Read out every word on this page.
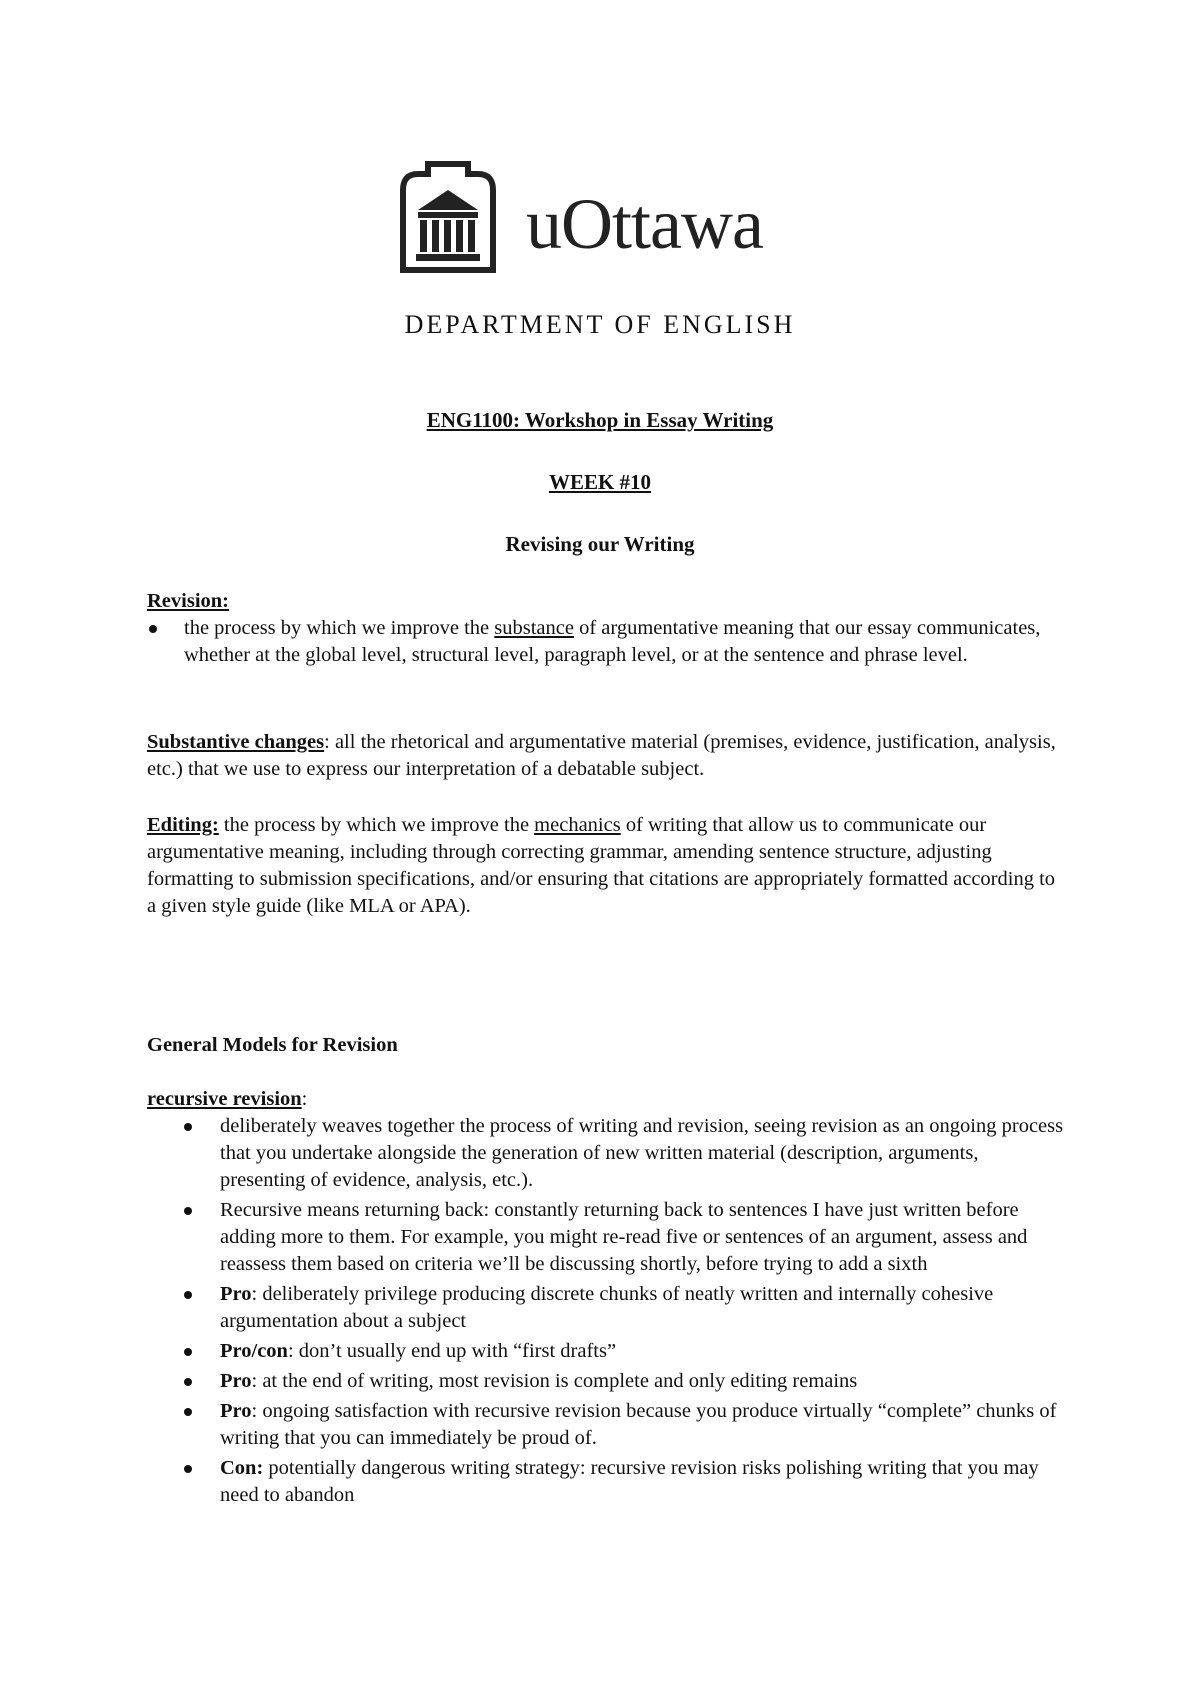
uOttawa
DEPARTMENT OF ENGLISH
ENG1100: Workshop in Essay Writing
WEEK #10
Revising our Writing
Revision:
the process by which we improve the substance of argumentative meaning that our essay communicates, whether at the global level, structural level, paragraph level, or at the sentence and phrase level.
Substantive changes: all the rhetorical and argumentative material (premises, evidence, justification, analysis, etc.) that we use to express our interpretation of a debatable subject.
Editing: the process by which we improve the mechanics of writing that allow us to communicate our argumentative meaning, including through correcting grammar, amending sentence structure, adjusting formatting to submission specifications, and/or ensuring that citations are appropriately formatted according to a given style guide (like MLA or APA).
General Models for Revision
recursive revision:
deliberately weaves together the process of writing and revision, seeing revision as an ongoing process that you undertake alongside the generation of new written material (description, arguments, presenting of evidence, analysis, etc.).
Recursive means returning back: constantly returning back to sentences I have just written before adding more to them. For example, you might re-read five or sentences of an argument, assess and reassess them based on criteria we’ll be discussing shortly, before trying to add a sixth
Pro: deliberately privilege producing discrete chunks of neatly written and internally cohesive argumentation about a subject
Pro/con: don’t usually end up with “first drafts”
Pro: at the end of writing, most revision is complete and only editing remains
Pro: ongoing satisfaction with recursive revision because you produce virtually “complete” chunks of writing that you can immediately be proud of.
Con: potentially dangerous writing strategy: recursive revision risks polishing writing that you may need to abandon
